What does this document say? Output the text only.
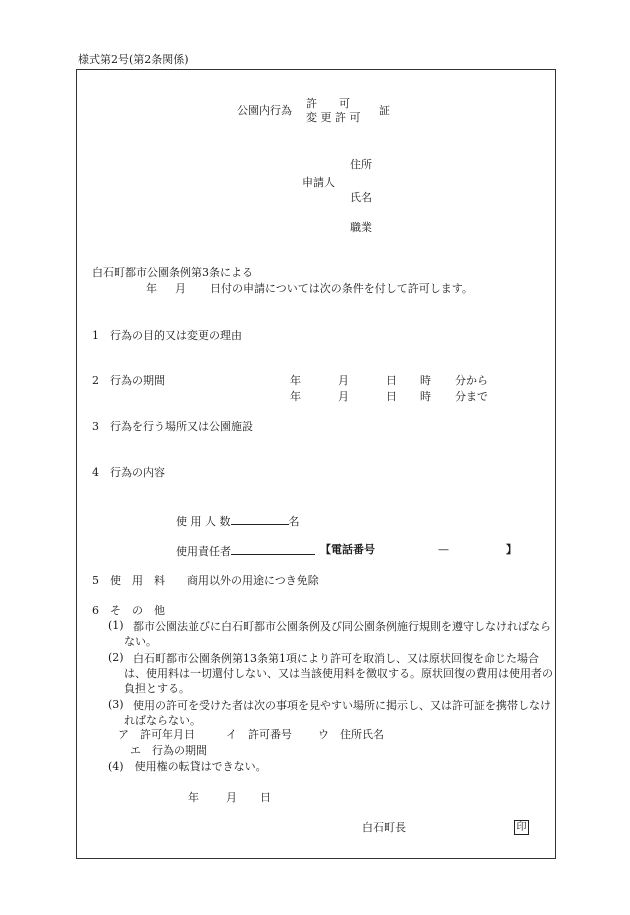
様式第2号(第2条関係)
公園内行為
許　　可
変 更 許 可
証
申請人
住所
氏名
職業
白石町都市公園条例第3条による
年 月 日付の申請については次の条件を付して許可します。
1　行為の目的又は変更の理由
2　行為の期間	年	月	日 時 分から
年	月	日 時 分まで
3　行為を行う場所又は公園施設
4　行為の内容
使 用 人 数	名
使用責任者	【電話番号	—	】
5　使　用　料　　商用以外の用途につき免除
6　そ　の　他
(1) 都市公園法並びに白石町都市公園条例及び同公園条例施行規則を遵守しなければならない。
(2) 白石町都市公園条例第13条第1項により許可を取消し、又は原状回復を命じた場合は、使用料は一切還付しない、又は当該使用料を徴収する。原状回復の費用は使用者の負担とする。
(3) 使用の許可を受けた者は次の事項を見やすい場所に掲示し、又は許可証を携帯しなければならない。
ア　許可年月日	イ　許可番号 ウ　住所氏名
エ　行為の期間
(4)　使用権の転貸はできない。
年 月 日
白石町長	印
